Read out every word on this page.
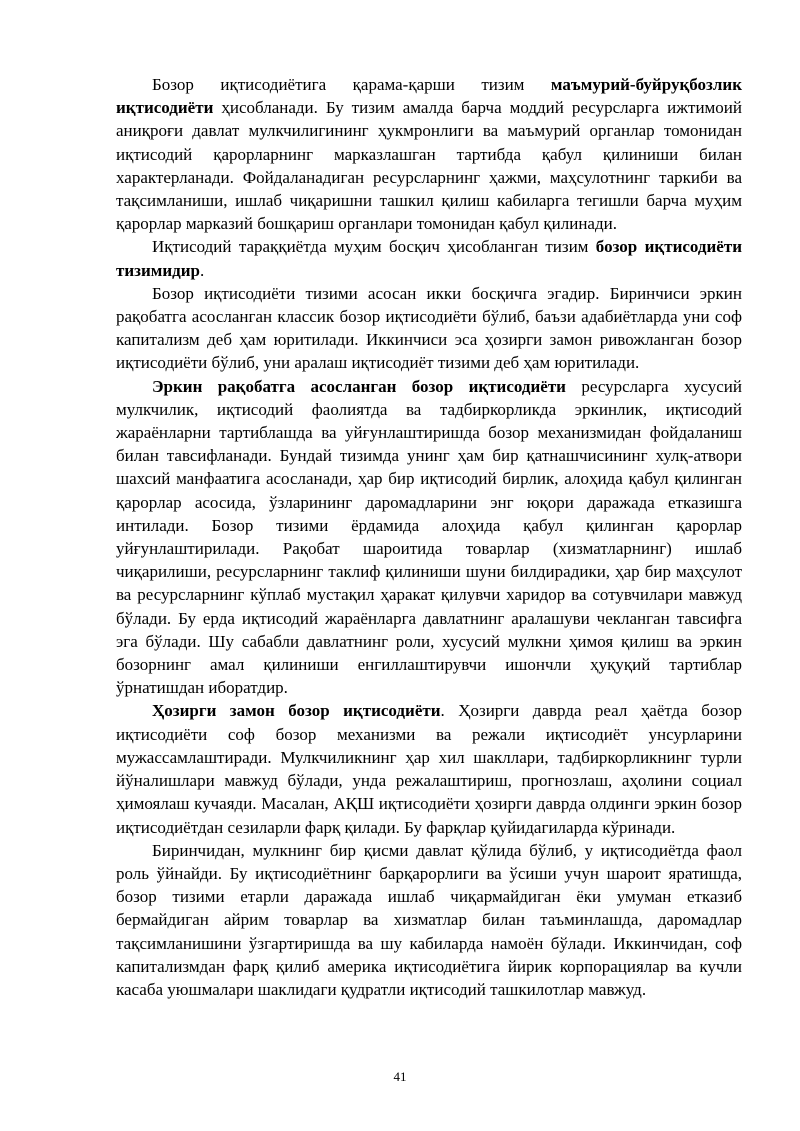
Бозор иқтисодиётига қарама-қарши тизим маъмурий-буйруқбозлик иқтисодиёти ҳисобланади. Бу тизим амалда барча моддий ресурсларга ижтимоий аниқроғи давлат мулкчилигининг ҳукмронлиги ва маъмурий органлар томонидан иқтисодий қарорларнинг марказлашган тартибда қабул қилиниши билан характерланади. Фойдаланадиган ресурсларнинг ҳажми, маҳсулотнинг таркиби ва тақсимланиши, ишлаб чиқаришни ташкил қилиш кабиларга тегишли барча муҳим қарорлар марказий бошқариш органлари томонидан қабул қилинади.

Иқтисодий тараққиётда муҳим босқич ҳисобланган тизим бозор иқтисодиёти тизимидир.

Бозор иқтисодиёти тизими асосан икки босқичга эгадир. Биринчиси эркин рақобатга асосланган классик бозор иқтисодиёти бўлиб, баъзи адабиётларда уни соф капитализм деб ҳам юритилади. Иккинчиси эса ҳозирги замон ривожланган бозор иқтисодиёти бўлиб, уни аралаш иқтисодиёт тизими деб ҳам юритилади.

Эркин рақобатга асосланган бозор иқтисодиёти ресурсларга хусусий мулкчилик, иқтисодий фаолиятда ва тадбиркорликда эркинлик, иқтисодий жараёнларни тартиблашда ва уйғунлаштиришда бозор механизмидан фойдаланиш билан тавсифланади. Бундай тизимда унинг ҳам бир қатнашчисининг хулқ-атвори шахсий манфаатига асосланади, ҳар бир иқтисодий бирлик, алоҳида қабул қилинган қарорлар асосида, ўзларининг даромадларини энг юқори даражада етказишга интилади. Бозор тизими ёрдамида алоҳида қабул қилинган қарорлар уйғунлаштирилади. Рақобат шароитида товарлар (хизматларнинг) ишлаб чиқарилиши, ресурсларнинг таклиф қилиниши шуни билдирадики, ҳар бир маҳсулот ва ресурсларнинг кўплаб мустақил ҳаракат қилувчи харидор ва сотувчилари мавжуд бўлади. Бу ерда иқтисодий жараёнларга давлатнинг аралашуви чекланган тавсифга эга бўлади. Шу сабабли давлатнинг роли, хусусий мулкни ҳимоя қилиш ва эркин бозорнинг амал қилиниши енгиллаштирувчи ишончли ҳуқуқий тартиблар ўрнатишдан иборатдир.

Ҳозирги замон бозор иқтисодиёти. Ҳозирги даврда реал ҳаётда бозор иқтисодиёти соф бозор механизми ва режали иқтисодиёт унсурларини мужассамлаштиради. Мулкчиликнинг ҳар хил шакллари, тадбиркорликнинг турли йўналишлари мавжуд бўлади, унда режалаштириш, прогнозлаш, аҳолини социал ҳимоялаш кучаяди. Масалан, АҚШ иқтисодиёти ҳозирги даврда олдинги эркин бозор иқтисодиётдан сезиларли фарқ қилади. Бу фарқлар қуйидагиларда кўринади.

Биринчидан, мулкнинг бир қисми давлат қўлида бўлиб, у иқтисодиётда фаол роль ўйнайди. Бу иқтисодиётнинг барқарорлиги ва ўсиши учун шароит яратишда, бозор тизими етарли даражада ишлаб чиқармайдиган ёки умуман етказиб бермайдиган айрим товарлар ва хизматлар билан таъминлашда, даромадлар тақсимланишини ўзгартиришда ва шу кабиларда намоён бўлади. Иккинчидан, соф капитализмдан фарқ қилиб америка иқтисодиётига йирик корпорациялар ва кучли касаба уюшмалари шаклидаги қудратли иқтисодий ташкилотлар мавжуд.

41
